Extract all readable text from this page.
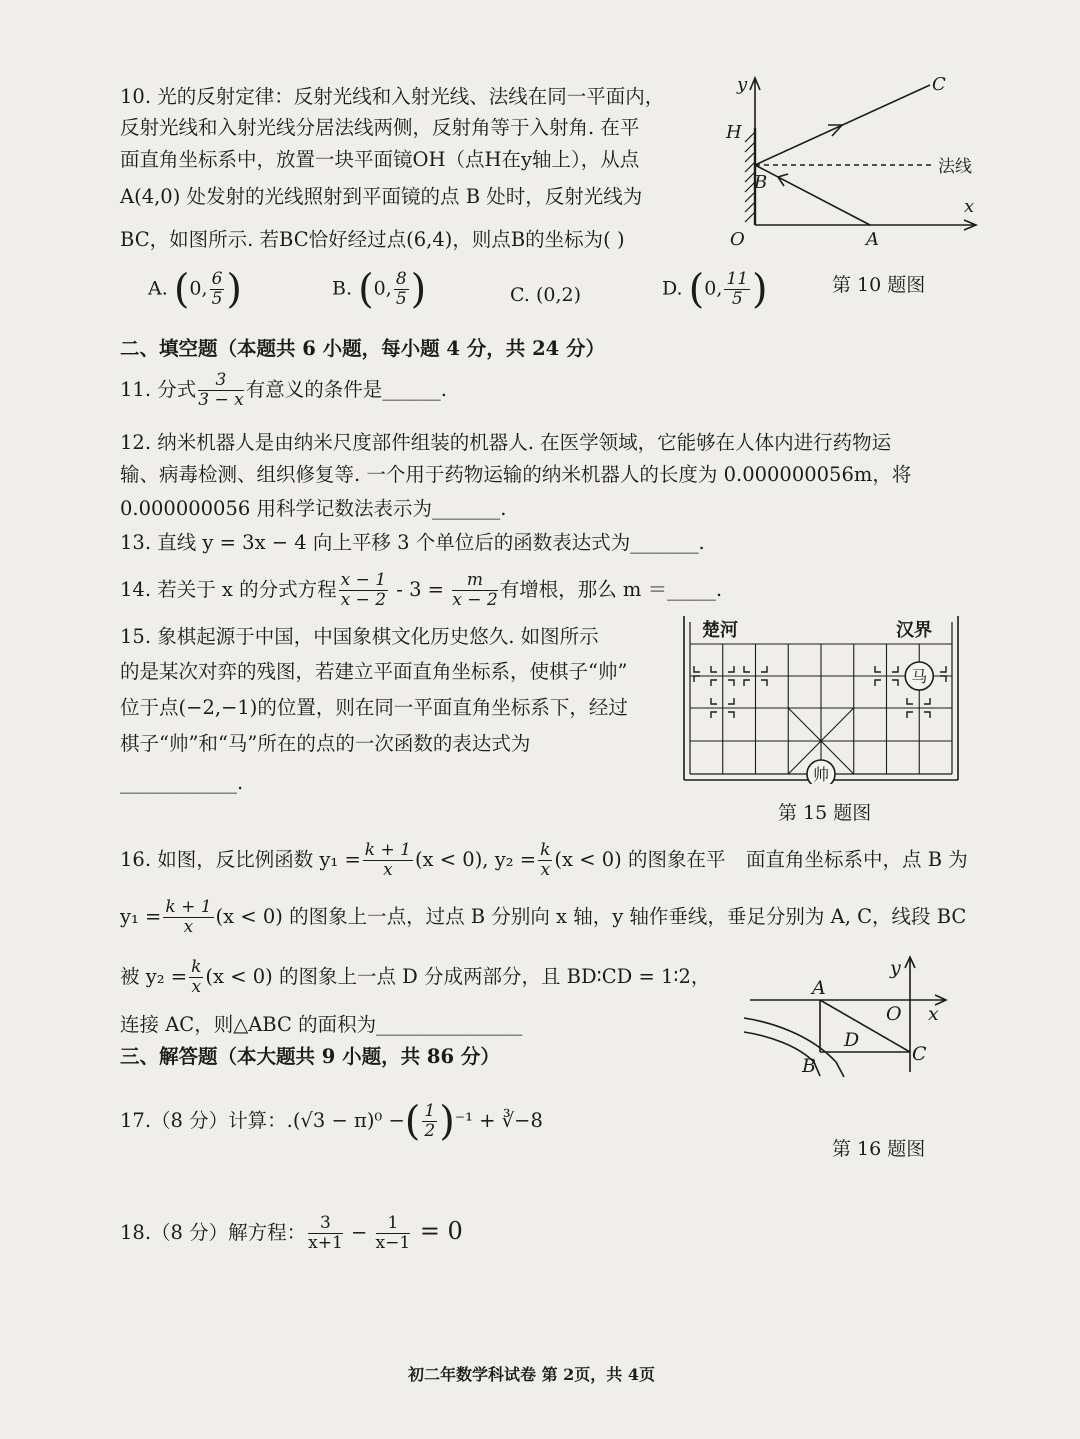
10. 光的反射定律：反射光线和入射光线、法线在同一平面内，
反射光线和入射光线分居法线两侧，反射角等于入射角. 在平
面直角坐标系中，放置一块平面镜OH（点H在y轴上），从点
A(4,0) 处发射的光线照射到平面镜的点 B 处时，反射光线为
BC，如图所示. 若BC恰好经过点(6,4)，则点B的坐标为( )
A. (0, $\frac{6}{5}$ )	B. (0, $\frac{8}{5}$ )	C. (0,2)	D. (0, $\frac{11}{5}$ )
y	C
H
B
x
O	A
法线
第 10 题图
二、填空题（本题共 6 小题，每小题 4 分，共 24 分）
11. 分式 $\frac{3}{3 - x}$ 有意义的条件是______.
12. 纳米机器人是由纳米尺度部件组装的机器人. 在医学领域，它能够在人体内进行药物运
输、病毒检测、组织修复等. 一个用于药物运输的纳米机器人的长度为 0.000000056m，将
0.000000056 用科学记数法表示为_______.
13. 直线 y = 3x − 4 向上平移 3 个单位后的函数表达式为_______.
14. 若关于 x 的分式方程 $\frac{x - 1}{x - 2} - 3 = \frac{m}{x - 2}$ 有增根，那么 m ＝_____.
15. 象棋起源于中国，中国象棋文化历史悠久. 如图所示
的是某次对弈的残图，若建立平面直角坐标系，使棋子“帅”
位于点(−2,−1)的位置，则在同一平面直角坐标系下，经过
棋子“帅”和“马”所在的点的一次函数的表达式为
____________.
楚河	汉界
马
帅
第 15 题图
16. 如图，反比例函数 $y_1 = \frac{k + 1}{x} (x < 0)$, $y_2 = \frac{k}{x} (x < 0)$ 的图象在平 面直角坐标系中，点 B 为
$y_1 = \frac{k + 1}{x} (x < 0)$ 的图象上一点，过点 B 分别向 x 轴，y 轴作垂线，垂足分别为 A, C，线段 BC
被 $y_2 = \frac{k}{x} (x < 0)$ 的图象上一点 D 分成两部分，且 BD∶CD = 1∶2，
连接 AC，则△ABC 的面积为_______________
y
A
O x
D
C
B
第 16 题图
三、解答题（本大题共 9 小题，共 86 分）
17.（8 分）计算：.(√3 − π)⁰ −( $\frac{1}{2} )^{-1}$ + ∛−8
18.（8 分）解方程： $\frac{3}{x+1} - \frac{1}{x-1} = 0$
初二年数学科试卷 第 2页，共 4页
